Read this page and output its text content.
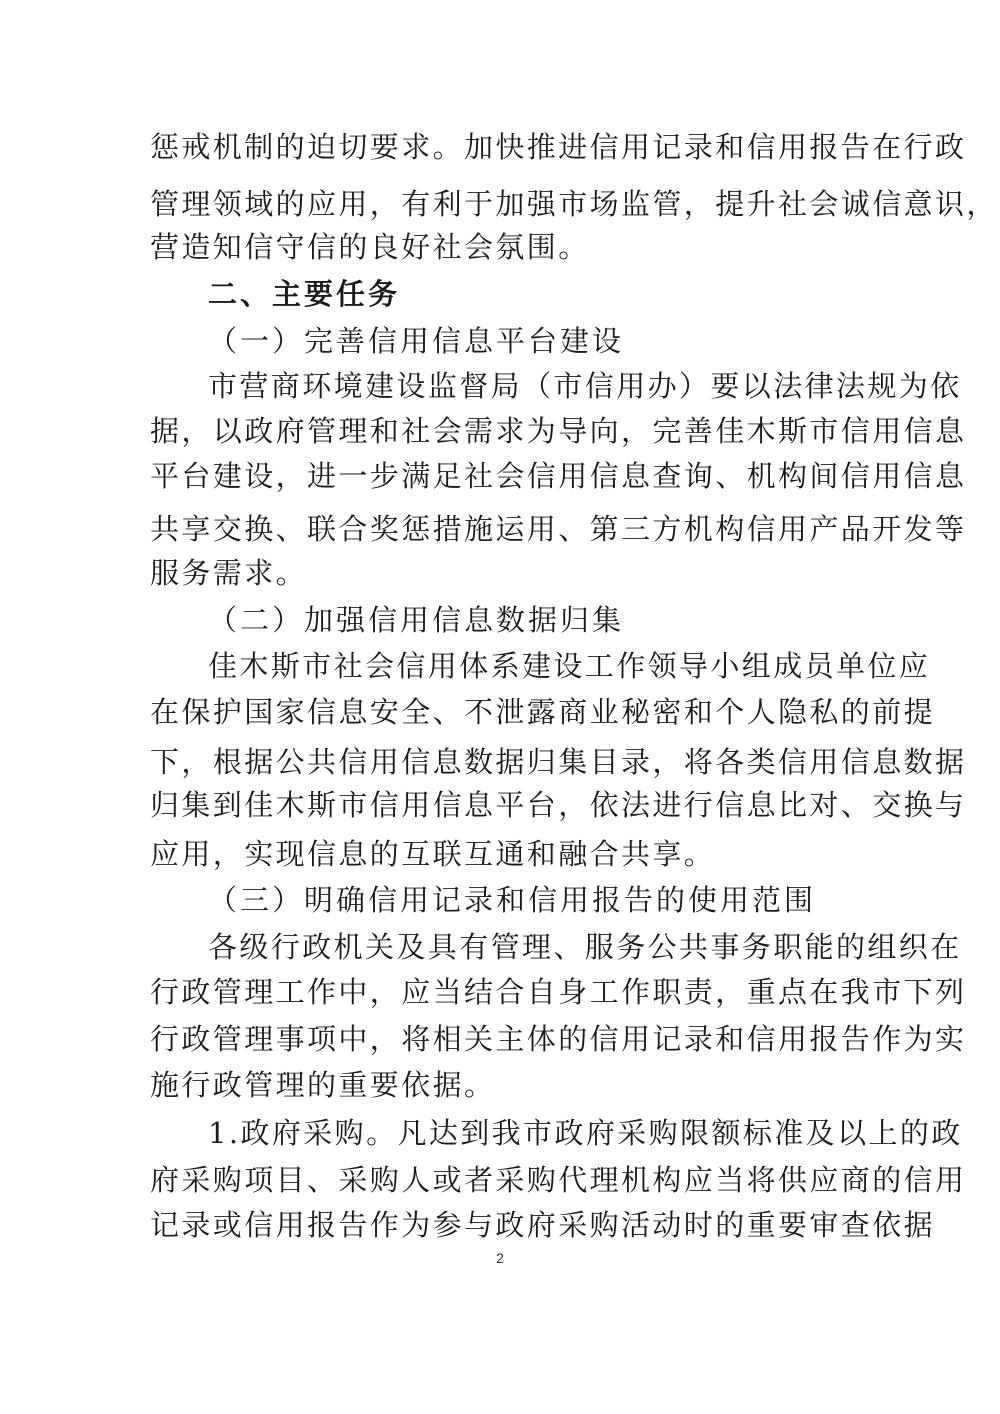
惩戒机制的迫切要求。加快推进信用记录和信用报告在行政
管理领域的应用，有利于加强市场监管，提升社会诚信意识，
营造知信守信的良好社会氛围。
二、主要任务
（一）完善信用信息平台建设
市营商环境建设监督局（市信用办）要以法律法规为依
据，以政府管理和社会需求为导向，完善佳木斯市信用信息
平台建设，进一步满足社会信用信息查询、机构间信用信息
共享交换、联合奖惩措施运用、第三方机构信用产品开发等
服务需求。
（二）加强信用信息数据归集
佳木斯市社会信用体系建设工作领导小组成员单位应
在保护国家信息安全、不泄露商业秘密和个人隐私的前提
下，根据公共信用信息数据归集目录，将各类信用信息数据
归集到佳木斯市信用信息平台，依法进行信息比对、交换与
应用，实现信息的互联互通和融合共享。
（三）明确信用记录和信用报告的使用范围
各级行政机关及具有管理、服务公共事务职能的组织在
行政管理工作中，应当结合自身工作职责，重点在我市下列
行政管理事项中，将相关主体的信用记录和信用报告作为实
施行政管理的重要依据。
1.政府采购。凡达到我市政府采购限额标准及以上的政
府采购项目、采购人或者采购代理机构应当将供应商的信用
记录或信用报告作为参与政府采购活动时的重要审查依据
2
